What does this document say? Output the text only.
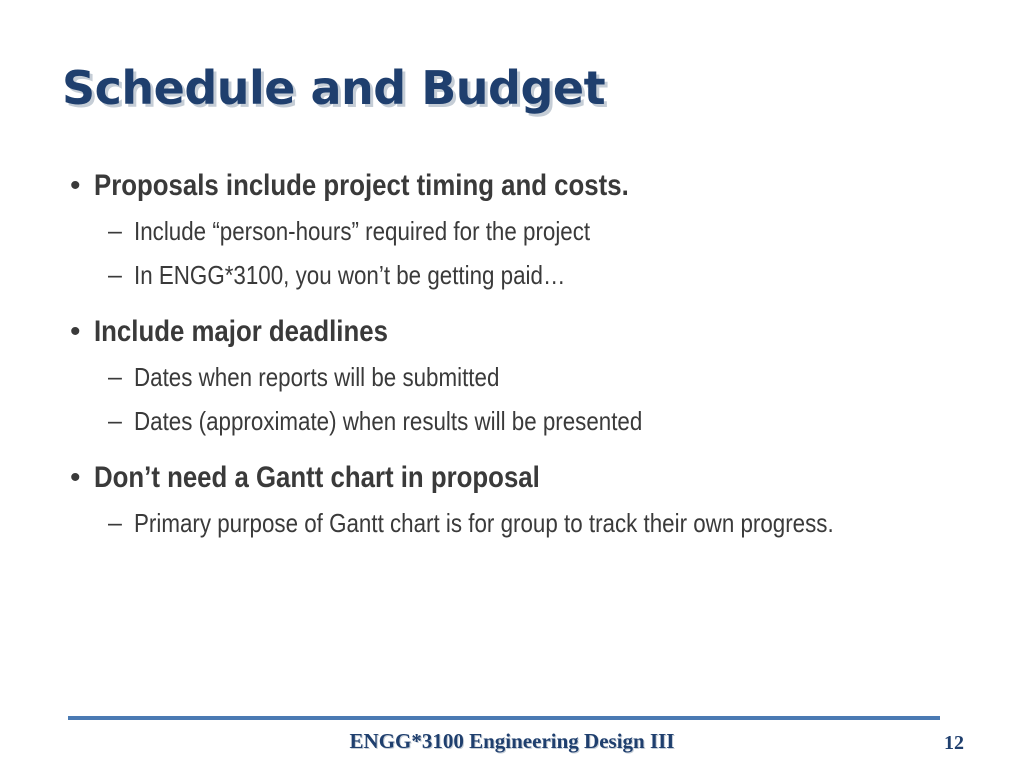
Schedule and Budget
• Proposals include project timing and costs.
– Include “person-hours” required for the project
– In ENGG*3100, you won’t be getting paid…
• Include major deadlines
– Dates when reports will be submitted
– Dates (approximate) when results will be presented
• Don’t need a Gantt chart in proposal
– Primary purpose of Gantt chart is for group to track their own progress.
ENGG*3100 Engineering Design III	12
